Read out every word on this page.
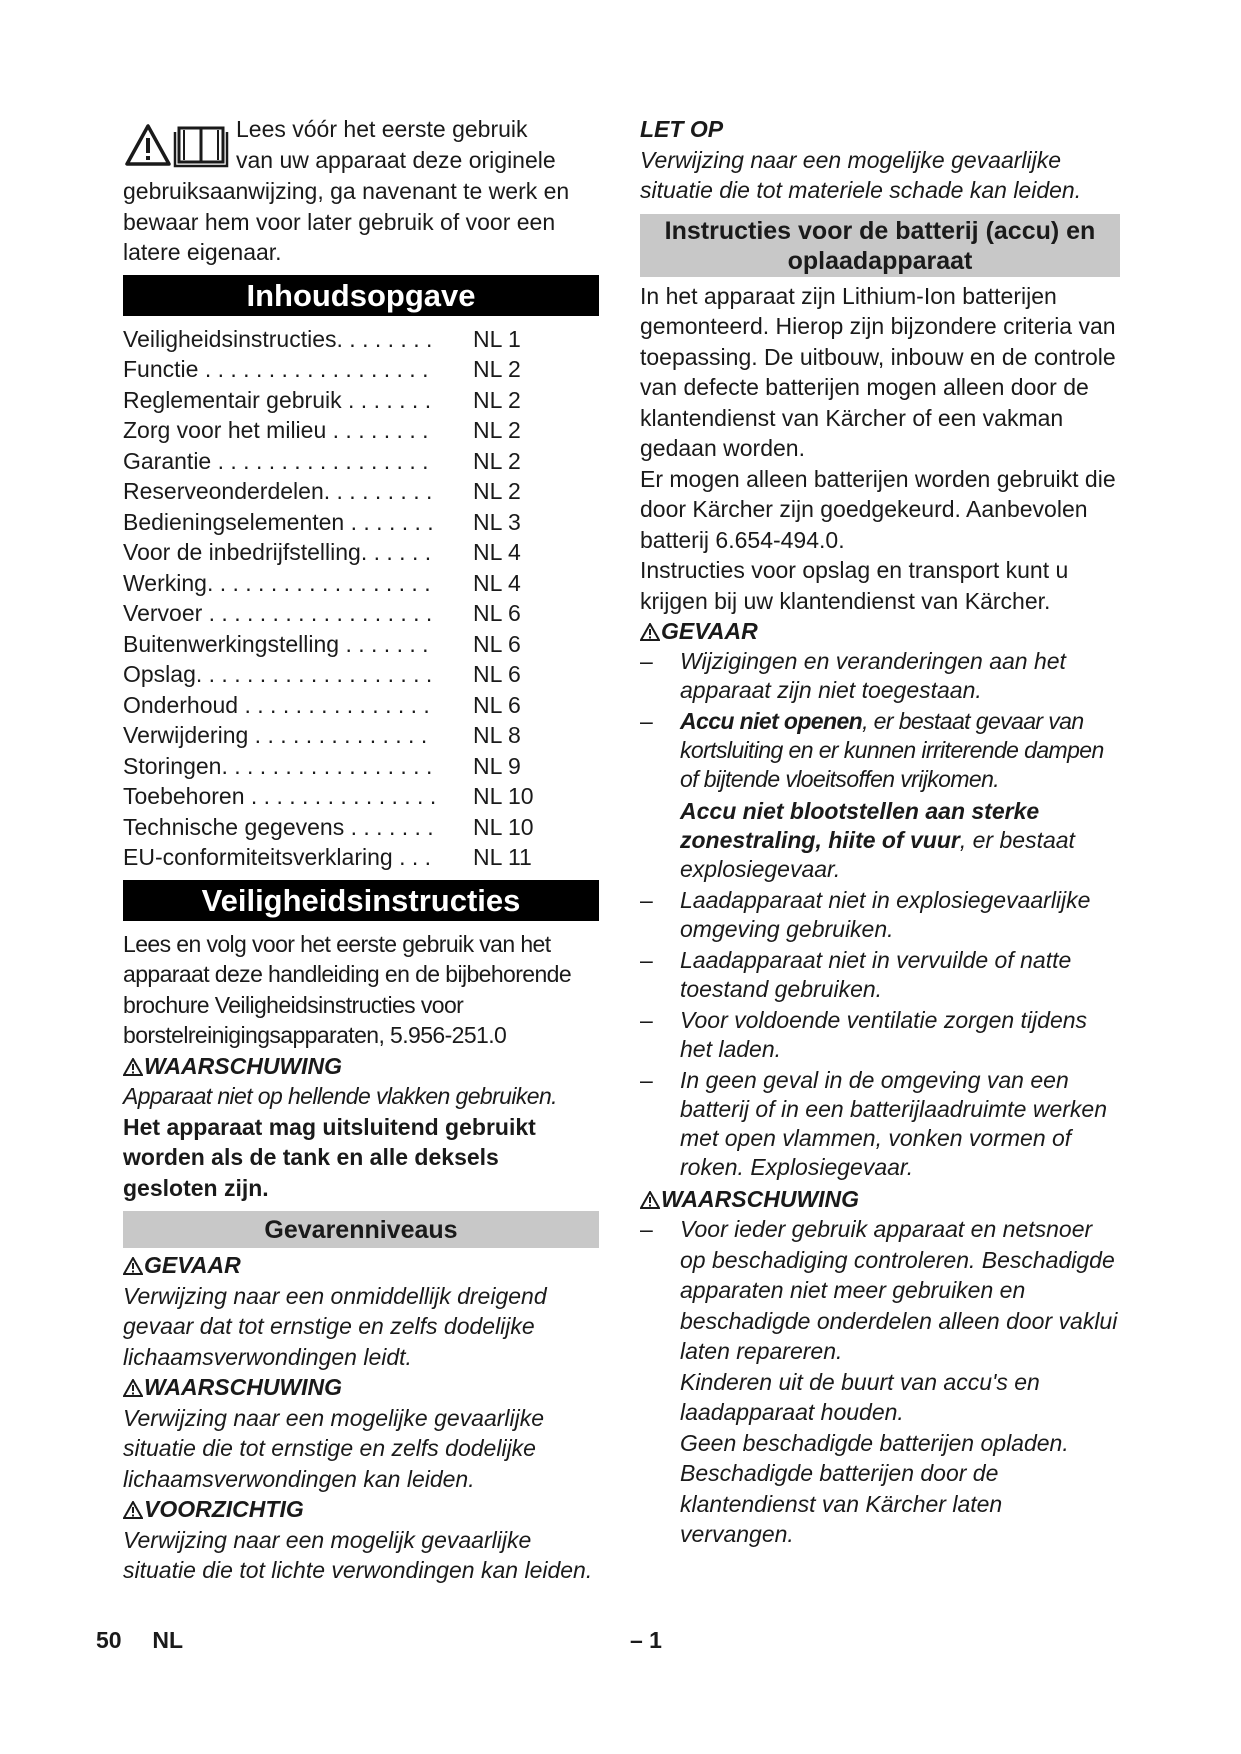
Lees vóór het eerste gebruik
van uw apparaat deze originele
gebruiksaanwijzing, ga navenant te werk en bewaar hem voor later gebruik of voor een latere eigenaar.
Inhoudsopgave
Veiligheidsinstructies. . . . . . . . NL 1
Functie . . . . . . . . . . . . . . . . . . NL 2
Reglementair gebruik . . . . . . . NL 2
Zorg voor het milieu . . . . . . . . NL 2
Garantie . . . . . . . . . . . . . . . . . NL 2
Reserveonderdelen. . . . . . . . . NL 2
Bedieningselementen . . . . . . . NL 3
Voor de inbedrijfstelling. . . . . . NL 4
Werking. . . . . . . . . . . . . . . . . . NL 4
Vervoer . . . . . . . . . . . . . . . . . . NL 6
Buitenwerkingstelling . . . . . . . NL 6
Opslag. . . . . . . . . . . . . . . . . . . NL 6
Onderhoud . . . . . . . . . . . . . . . NL 6
Verwijdering . . . . . . . . . . . . . . NL 8
Storingen. . . . . . . . . . . . . . . . . NL 9
Toebehoren . . . . . . . . . . . . . . . NL 10
Technische gegevens . . . . . . . NL 10
EU-conformiteitsverklaring . . . NL 11
Veiligheidsinstructies
Lees en volg voor het eerste gebruik van het apparaat deze handleiding en de bijbehorende brochure Veiligheidsinstructies voor borstelreinigingsapparaten, 5.956-251.0
WAARSCHUWING
Apparaat niet op hellende vlakken gebruiken.
Het apparaat mag uitsluitend gebruikt worden als de tank en alle deksels gesloten zijn.
Gevarenniveaus
GEVAAR
Verwijzing naar een onmiddellijk dreigend gevaar dat tot ernstige en zelfs dodelijke lichaamsverwondingen leidt.
WAARSCHUWING
Verwijzing naar een mogelijke gevaarlijke situatie die tot ernstige en zelfs dodelijke lichaamsverwondingen kan leiden.
VOORZICHTIG
Verwijzing naar een mogelijk gevaarlijke situatie die tot lichte verwondingen kan leiden.
LET OP
Verwijzing naar een mogelijke gevaarlijke situatie die tot materiele schade kan leiden.
Instructies voor de batterij (accu) en oplaadapparaat
In het apparaat zijn Lithium-Ion batterijen gemonteerd. Hierop zijn bijzondere criteria van toepassing. De uitbouw, inbouw en de controle van defecte batterijen mogen alleen door de klantendienst van Kärcher of een vakman gedaan worden.
Er mogen alleen batterijen worden gebruikt die door Kärcher zijn goedgekeurd. Aanbevolen batterij 6.654-494.0.
Instructies voor opslag en transport kunt u krijgen bij uw klantendienst van Kärcher.
GEVAAR
– Wijzigingen en veranderingen aan het apparaat zijn niet toegestaan.
– Accu niet openen, er bestaat gevaar van kortsluiting en er kunnen irriterende dampen of bijtende vloeitsoffen vrijkomen.
Accu niet blootstellen aan sterke zonestraling, hiite of vuur, er bestaat explosiegevaar.
– Laadapparaat niet in explosiegevaarlijke omgeving gebruiken.
– Laadapparaat niet in vervuilde of natte toestand gebruiken.
– Voor voldoende ventilatie zorgen tijdens het laden.
– In geen geval in de omgeving van een batterij of in een batterijlaadruimte werken met open vlammen, vonken vormen of roken. Explosiegevaar.
WAARSCHUWING
– Voor ieder gebruik apparaat en netsnoer op beschadiging controleren. Beschadigde apparaten niet meer gebruiken en beschadigde onderdelen alleen door vaklui laten repareren.
Kinderen uit de buurt van accu's en laadapparaat houden.
Geen beschadigde batterijen opladen.
Beschadigde batterijen door de klantendienst van Kärcher laten vervangen.
50 NL	– 1
